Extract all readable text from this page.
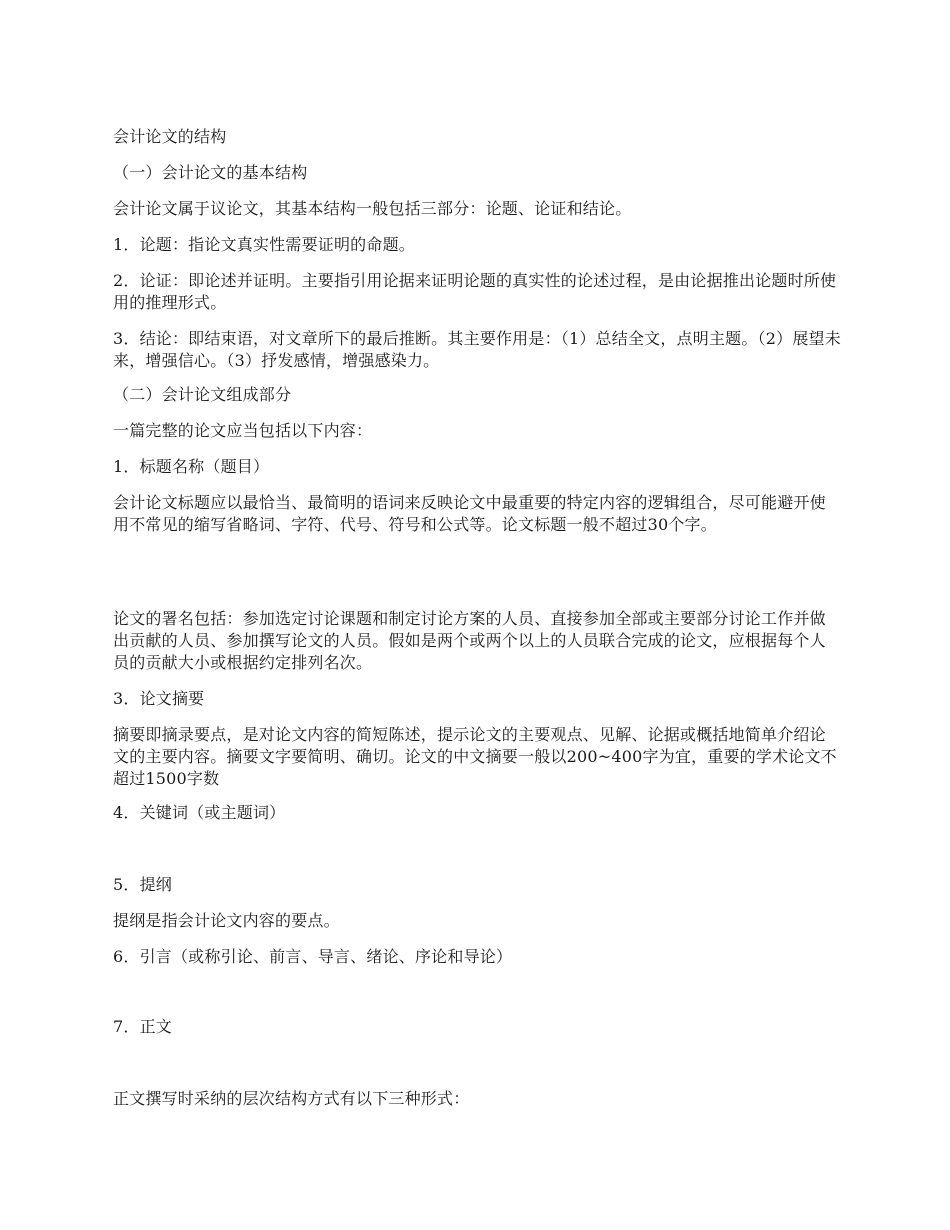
会计论文的结构

（一）会计论文的基本结构

会计论文属于议论文，其基本结构一般包括三部分：论题、论证和结论。

1．论题：指论文真实性需要证明的命题。

2．论证：即论述并证明。主要指引用论据来证明论题的真实性的论述过程，是由论据推出论题时所使用的推理形式。

3．结论：即结束语，对文章所下的最后推断。其主要作用是：（1）总结全文，点明主题。（2）展望未来，增强信心。（3）抒发感情，增强感染力。

（二）会计论文组成部分

一篇完整的论文应当包括以下内容：

1．标题名称（题目）

会计论文标题应以最恰当、最简明的语词来反映论文中最重要的特定内容的逻辑组合，尽可能避开使用不常见的缩写省略词、字符、代号、符号和公式等。论文标题一般不超过30个字。

论文的署名包括：参加选定讨论课题和制定讨论方案的人员、直接参加全部或主要部分讨论工作并做出贡献的人员、参加撰写论文的人员。假如是两个或两个以上的人员联合完成的论文，应根据每个人员的贡献大小或根据约定排列名次。

3．论文摘要

摘要即摘录要点，是对论文内容的简短陈述，提示论文的主要观点、见解、论据或概括地简单介绍论文的主要内容。摘要文字要简明、确切。论文的中文摘要一般以200~400字为宜，重要的学术论文不超过1500字数

4．关键词（或主题词）

5．提纲

提纲是指会计论文内容的要点。

6．引言（或称引论、前言、导言、绪论、序论和导论）

7．正文

正文撰写时采纳的层次结构方式有以下三种形式：
